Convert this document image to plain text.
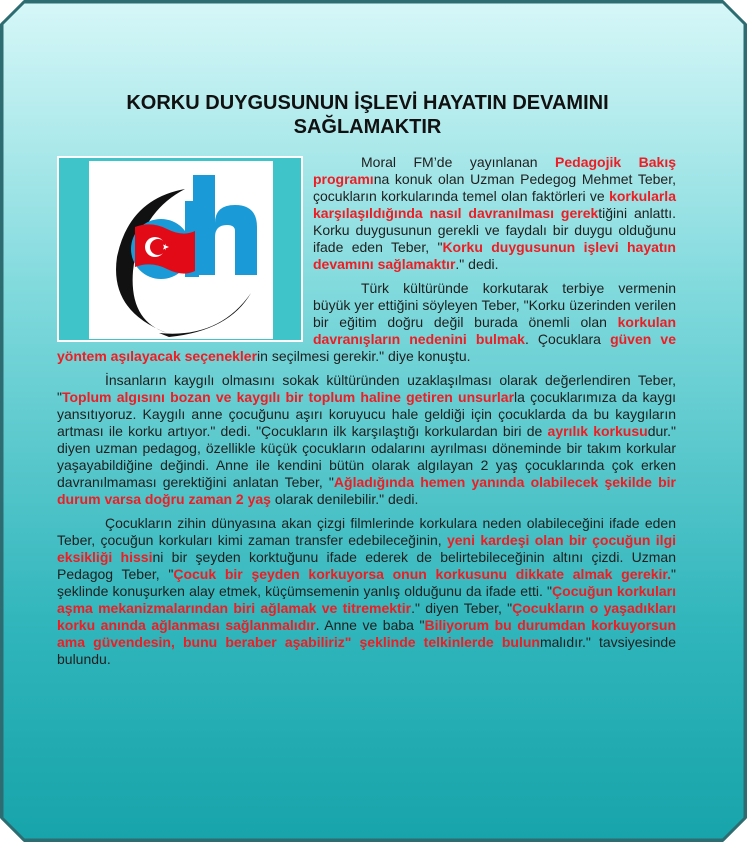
KORKU DUYGUSUNUN İŞLEVİ HAYATIN DEVAMINI SAĞLAMAKTIR

Moral FM’de yayınlanan Pedagojik Bakış programına konuk olan Uzman Pedegog Mehmet Teber, çocukların korkularında temel olan faktörleri ve korkularla karşılaşıldığında nasıl davranılması gerektiğini anlattı. Korku duygusunun gerekli ve faydalı bir duygu olduğunu ifade eden Teber, "Korku duygusunun işlevi hayatın devamını sağlamaktır." dedi.

Türk kültüründe korkutarak terbiye vermenin büyük yer ettiğini söyleyen Teber, "Korku üzerinden verilen bir eğitim doğru değil burada önemli olan korkulan davranışların nedenini bulmak. Çocuklara güven ve yöntem aşılayacak seçeneklerin seçilmesi gerekir." diye konuştu.

İnsanların kaygılı olmasını sokak kültüründen uzaklaşılması olarak değerlendiren Teber, "Toplum algısını bozan ve kaygılı bir toplum haline getiren unsurlarla çocuklarımıza da kaygı yansıtıyoruz. Kaygılı anne çocuğunu aşırı koruyucu hale geldiği için çocuklarda da bu kaygıların artması ile korku artıyor." dedi. "Çocukların ilk karşılaştığı korkulardan biri de ayrılık korkusudur." diyen uzman pedagog, özellikle küçük çocukların odalarını ayrılması döneminde bir takım korkular yaşayabildiğine değindi. Anne ile kendini bütün olarak algılayan 2 yaş çocuklarında çok erken davranılmaması gerektiğini anlatan Teber, "Ağladığında hemen yanında olabilecek şekilde bir durum varsa doğru zaman 2 yaş olarak denilebilir." dedi.

Çocukların zihin dünyasına akan çizgi filmlerinde korkulara neden olabileceğini ifade eden Teber, çocuğun korkuları kimi zaman transfer edebileceğinin, yeni kardeşi olan bir çocuğun ilgi eksikliği hissini bir şeyden korktuğunu ifade ederek de belirtebileceğinin altını çizdi. Uzman Pedagog Teber, "Çocuk bir şeyden korkuyorsa onun korkusunu dikkate almak gerekir." şeklinde konuşurken alay etmek, küçümsemenin yanlış olduğunu da ifade etti. "Çocuğun korkuları aşma mekanizmalarından biri ağlamak ve titremektir." diyen Teber, "Çocukların o yaşadıkları korku anında ağlanması sağlanmalıdır. Anne ve baba "Biliyorum bu durumdan korkuyorsun ama güvendesin, bunu beraber aşabiliriz" şeklinde telkinlerde bulunmalıdır." tavsiyesinde bulundu.
